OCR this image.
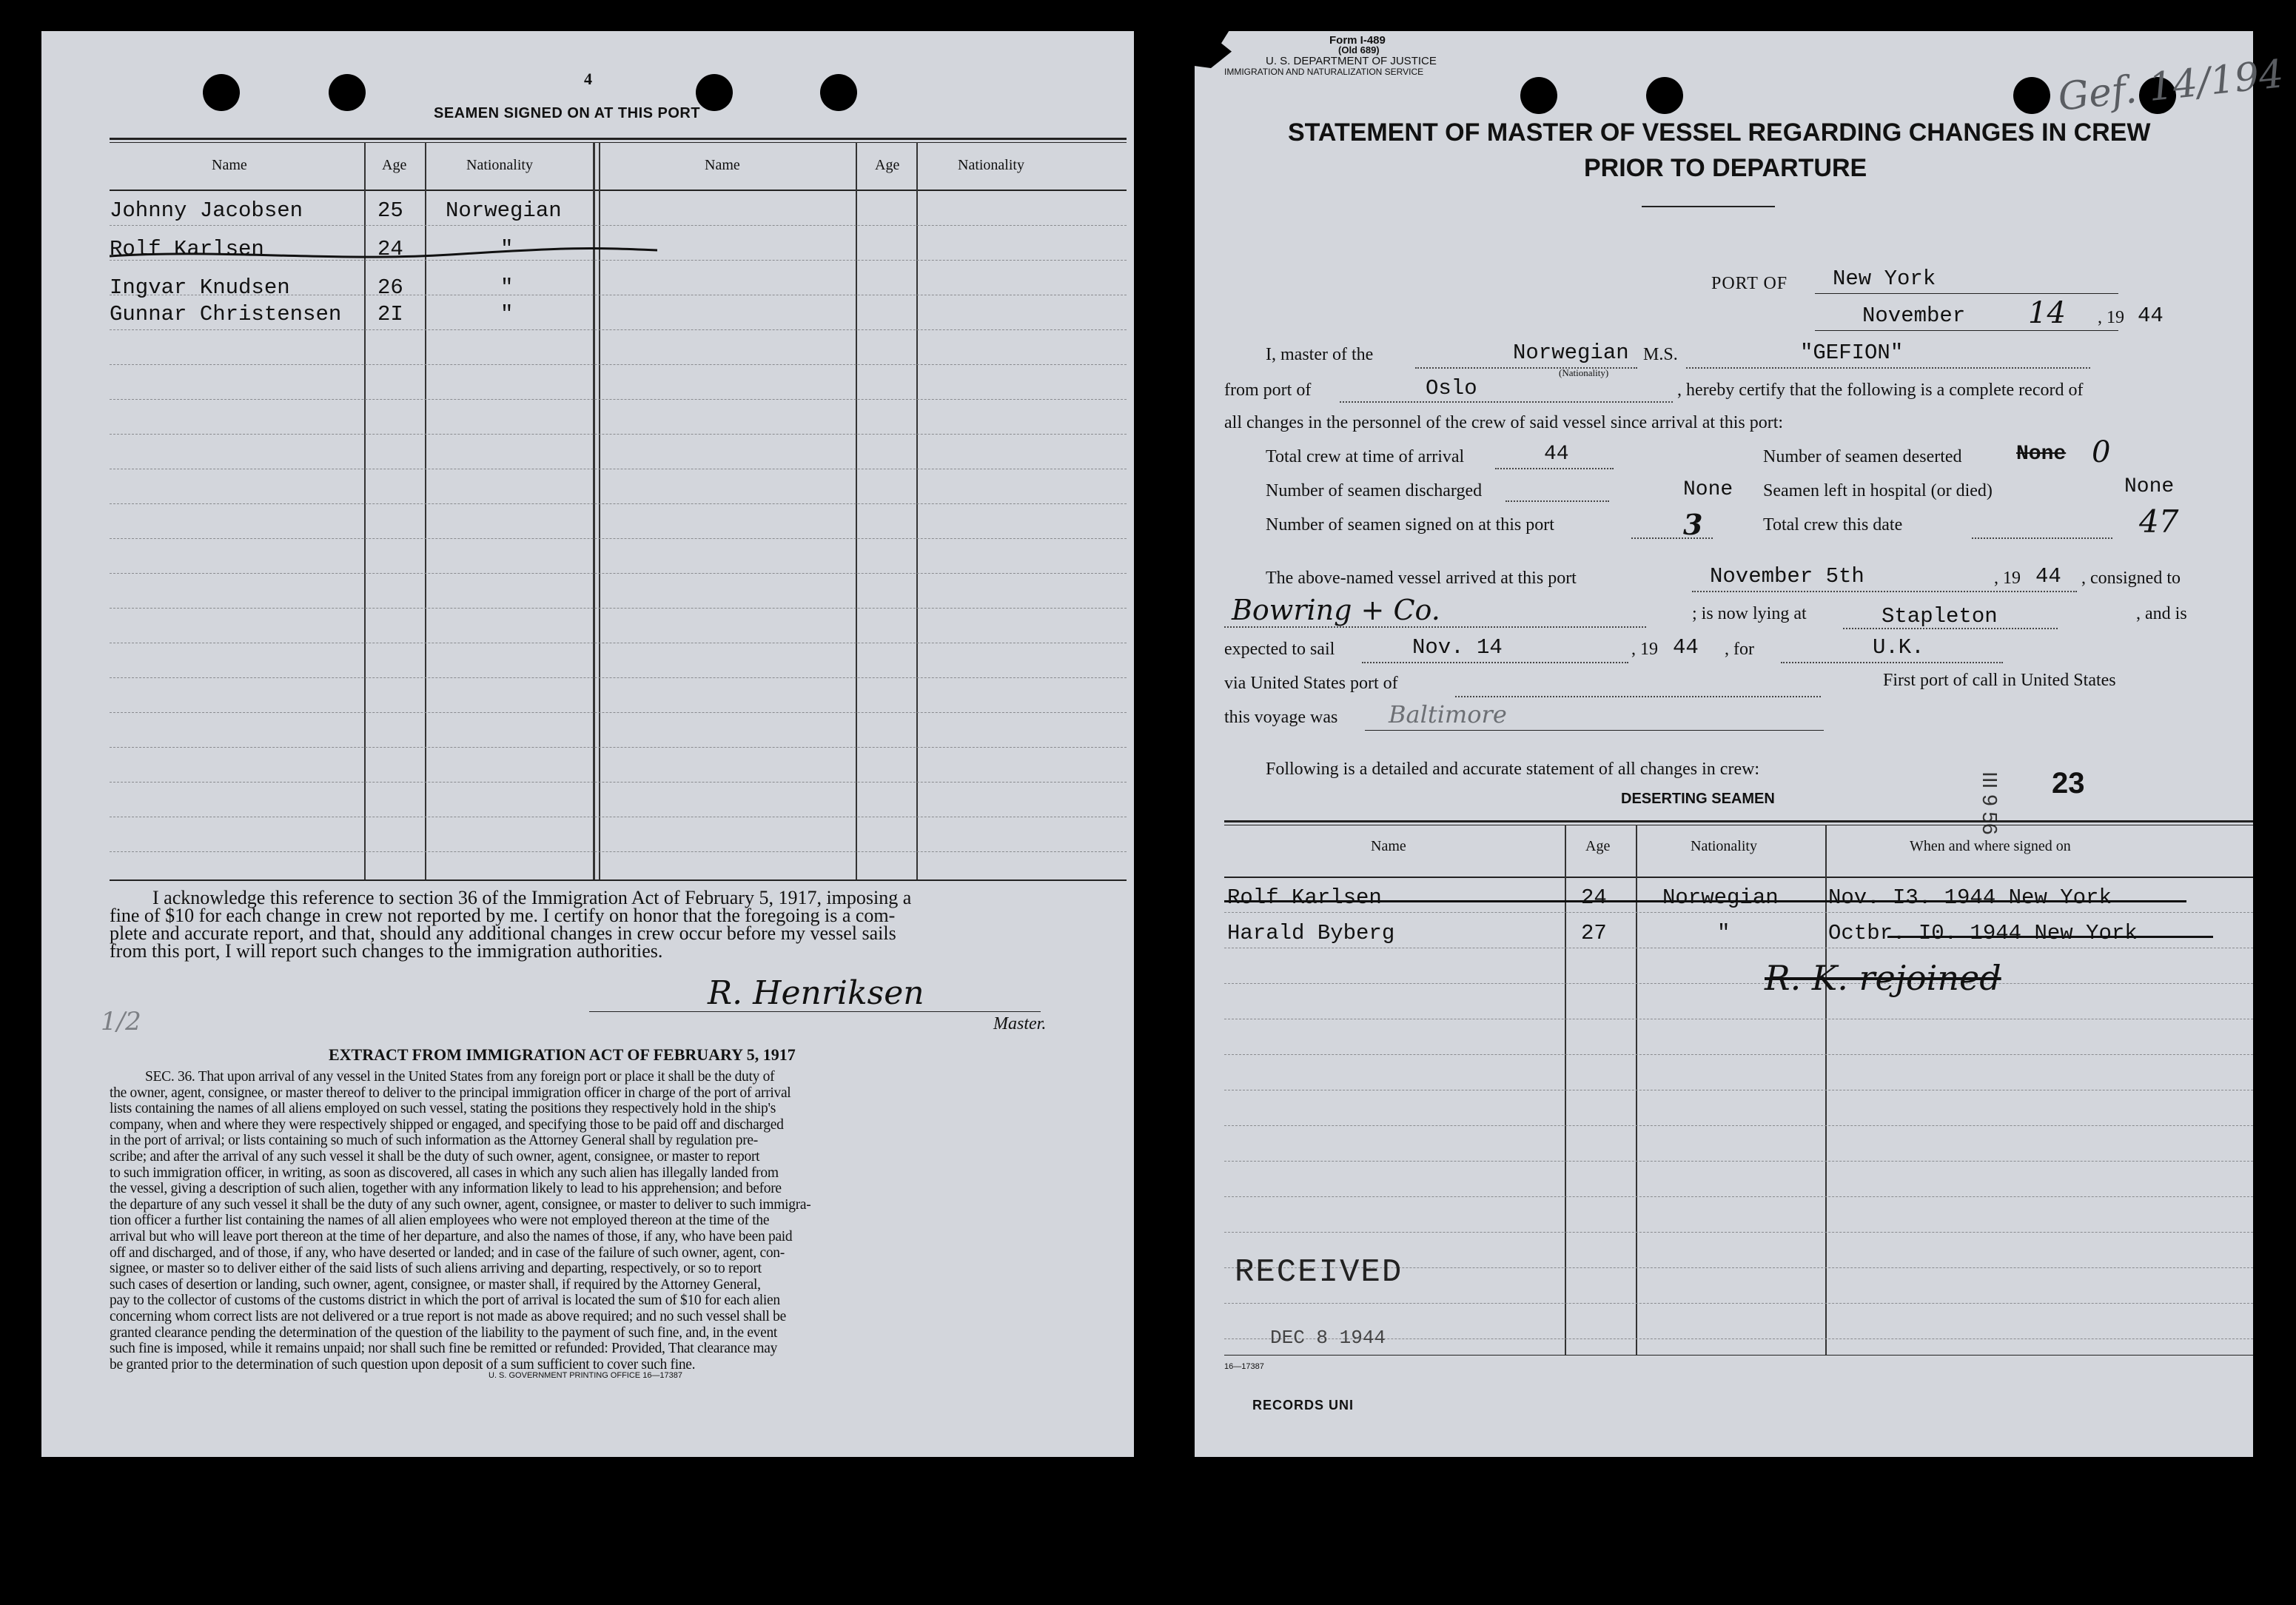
4
SEAMEN SIGNED ON AT THIS PORT
Name	Age	Nationality	Name	Age	Nationality
Johnny Jacobsen	25 Norwegian
Rolf Karlsen	24	"
Ingvar Knudsen	26	"
Gunnar Christensen 2I	"
I acknowledge this reference to section 36 of the Immigration Act of February 5, 1917, imposing a
fine of $10 for each change in crew not reported by me. I certify on honor that the foregoing is a com-
plete and accurate report, and that, should any additional changes in crew occur before my vessel sails
from this port, I will report such changes to the immigration authorities.
1/2
R. Henriksen
Master.
EXTRACT FROM IMMIGRATION ACT OF FEBRUARY 5, 1917
SEC. 36. That upon arrival of any vessel in the United States from any foreign port or place it shall be the duty of
the owner, agent, consignee, or master thereof to deliver to the principal immigration officer in charge of the port of arrival
lists containing the names of all aliens employed on such vessel, stating the positions they respectively hold in the ship's
company, when and where they were respectively shipped or engaged, and specifying those to be paid off and discharged
in the port of arrival; or lists containing so much of such information as the Attorney General shall by regulation pre-
scribe; and after the arrival of any such vessel it shall be the duty of such owner, agent, consignee, or master to report
to such immigration officer, in writing, as soon as discovered, all cases in which any such alien has illegally landed from
the vessel, giving a description of such alien, together with any information likely to lead to his apprehension; and before
the departure of any such vessel it shall be the duty of any such owner, agent, consignee, or master to deliver to such immigra-
tion officer a further list containing the names of all alien employees who were not employed thereon at the time of the
arrival but who will leave port thereon at the time of her departure, and also the names of those, if any, who have been paid
off and discharged, and of those, if any, who have deserted or landed; and in case of the failure of such owner, agent, con-
signee, or master so to deliver either of the said lists of such aliens arriving and departing, respectively, or so to report
such cases of desertion or landing, such owner, agent, consignee, or master shall, if required by the Attorney General,
pay to the collector of customs of the customs district in which the port of arrival is located the sum of $10 for each alien
concerning whom correct lists are not delivered or a true report is not made as above required; and no such vessel shall be
granted clearance pending the determination of the question of the liability to the payment of such fine, and, in the event
such fine is imposed, while it remains unpaid; nor shall such fine be remitted or refunded: Provided, That clearance may
be granted prior to the determination of such question upon deposit of a sum sufficient to cover such fine.
U. S. GOVERNMENT PRINTING OFFICE 16—17387
Form I-489
(Old 689)
U. S. DEPARTMENT OF JUSTICE
IMMIGRATION AND NATURALIZATION SERVICE	Gef. 14/194
STATEMENT OF MASTER OF VESSEL REGARDING CHANGES IN CREW
PRIOR TO DEPARTURE
PORT OF New York
November 14 , 19 44
I, master of the	Norwegian
(Nationality)
M.S.	"GEFION"
from port of	Oslo	, hereby certify that the following is a complete record of
all changes in the personnel of the crew of said vessel since arrival at this port:
Total crew at time of arrival	44	Number of seamen deserted	None 0
Number of seamen discharged	None Seamen left in hospital (or died)	None
Number of seamen signed on at this port	3	Total crew this date	47
The above-named vessel arrived at this port	November 5th	, 19 44 , consigned to
Bowring + Co.	; is now lying at	Stapleton	, and is
expected to sail	Nov. 14	, 19 44 , for	U.K.
via United States port of	First port of call in United States
this voyage was Baltimore
Following is a detailed and accurate statement of all changes in crew:
DESERTING SEAMEN	23
III 9 56
Name	Age	Nationality	When and where signed on
Rolf Karlsen	24	Norwegian Nov. I3. 1944 New York
Harald Byberg	27	"	Octbr. I0. 1944 New York
R. K. rejoined
RECEIVED
DEC 8 1944
16—17387
RECORDS UNI
